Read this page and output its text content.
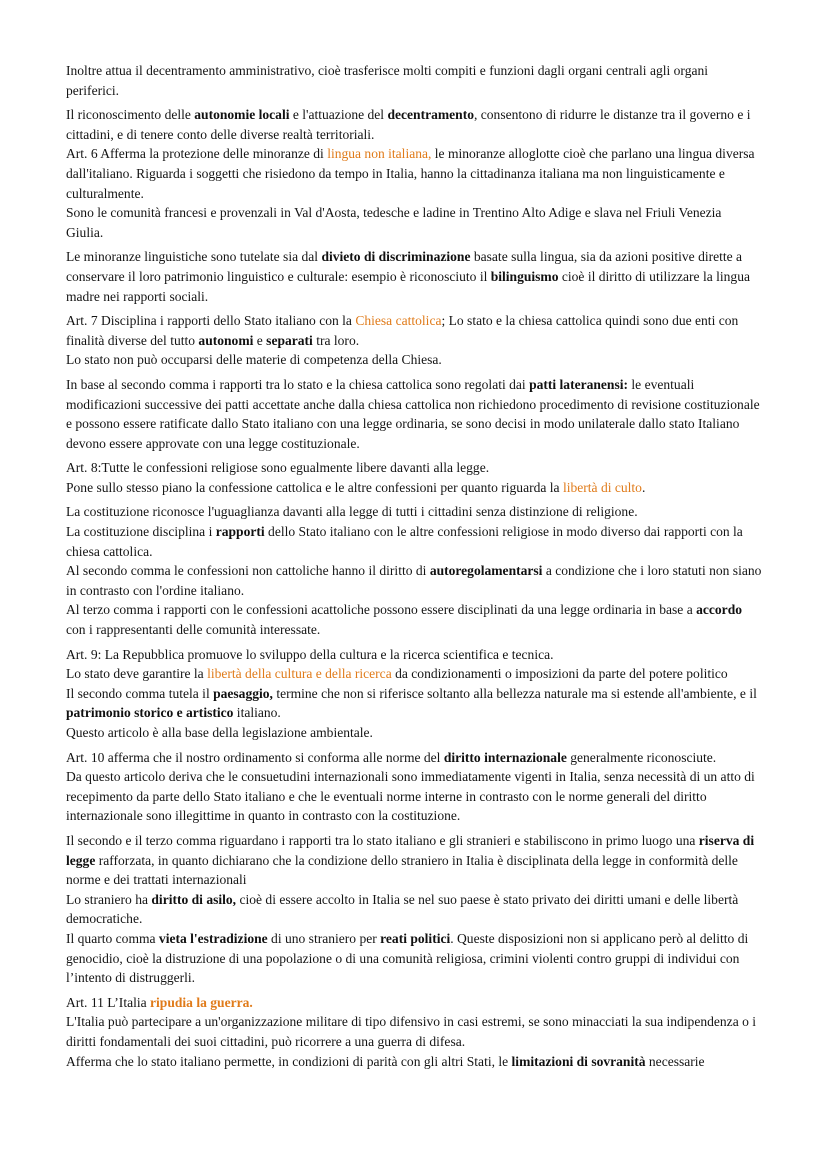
Inoltre attua il decentramento amministrativo, cioè trasferisce molti compiti e funzioni dagli organi centrali agli organi periferici.

Il riconoscimento delle autonomie locali e l'attuazione del decentramento, consentono di ridurre le distanze tra il governo e i cittadini, e di tenere conto delle diverse realtà territoriali.
Art. 6 Afferma la protezione delle minoranze di lingua non italiana, le minoranze alloglotte cioè che parlano una lingua diversa dall'italiano. Riguarda i soggetti che risiedono da tempo in Italia, hanno la cittadinanza italiana ma non linguisticamente e culturalmente.
Sono le comunità francesi e provenzali in Val d'Aosta, tedesche e ladine in Trentino Alto Adige e slava nel Friuli Venezia Giulia.

Le minoranze linguistiche sono tutelate sia dal divieto di discriminazione basate sulla lingua, sia da azioni positive dirette a conservare il loro patrimonio linguistico e culturale: esempio è riconosciuto il bilinguismo cioè il diritto di utilizzare la lingua madre nei rapporti sociali.

Art. 7 Disciplina i rapporti dello Stato italiano con la Chiesa cattolica; Lo stato e la chiesa cattolica quindi sono due enti con finalità diverse del tutto autonomi e separati tra loro.
Lo stato non può occuparsi delle materie di competenza della Chiesa.

In base al secondo comma i rapporti tra lo stato e la chiesa cattolica sono regolati dai patti lateranensi: le eventuali modificazioni successive dei patti accettate anche dalla chiesa cattolica non richiedono procedimento di revisione costituzionale e possono essere ratificate dallo Stato italiano con una legge ordinaria, se sono decisi in modo unilaterale dallo stato Italiano devono essere approvate con una legge costituzionale.

Art. 8:Tutte le confessioni religiose sono egualmente libere davanti alla legge.
Pone sullo stesso piano la confessione cattolica e le altre confessioni per quanto riguarda la libertà di culto.

La costituzione riconosce l'uguaglianza davanti alla legge di tutti i cittadini senza distinzione di religione.
La costituzione disciplina i rapporti dello Stato italiano con le altre confessioni religiose in modo diverso dai rapporti con la chiesa cattolica.
Al secondo comma le confessioni non cattoliche hanno il diritto di autoregolamentarsi a condizione che i loro statuti non siano in contrasto con l'ordine italiano.
Al terzo comma i rapporti con le confessioni acattoliche possono essere disciplinati da una legge ordinaria in base a accordo con i rappresentanti delle comunità interessate.

Art. 9: La Repubblica promuove lo sviluppo della cultura e la ricerca scientifica e tecnica.
Lo stato deve garantire la libertà della cultura e della ricerca da condizionamenti o imposizioni da parte del potere politico
Il secondo comma tutela il paesaggio, termine che non si riferisce soltanto alla bellezza naturale ma si estende all'ambiente, e il patrimonio storico e artistico italiano.
Questo articolo è alla base della legislazione ambientale.

Art. 10 afferma che il nostro ordinamento si conforma alle norme del diritto internazionale generalmente riconosciute.
Da questo articolo deriva che le consuetudini internazionali sono immediatamente vigenti in Italia, senza necessità di un atto di recepimento da parte dello Stato italiano e che le eventuali norme interne in contrasto con le norme generali del diritto internazionale sono illegittime in quanto in contrasto con la costituzione.

Il secondo e il terzo comma riguardano i rapporti tra lo stato italiano e gli stranieri e stabiliscono in primo luogo una riserva di legge rafforzata, in quanto dichiarano che la condizione dello straniero in Italia è disciplinata della legge in conformità delle norme e dei trattati internazionali
Lo straniero ha diritto di asilo, cioè di essere accolto in Italia se nel suo paese è stato privato dei diritti umani e delle libertà democratiche.
Il quarto comma vieta l'estradizione di uno straniero per reati politici. Queste disposizioni non si applicano però al delitto di genocidio, cioè la distruzione di una popolazione o di una comunità religiosa, crimini violenti contro gruppi di individui con l’intento di distruggerli.

Art. 11 L’Italia ripudia la guerra.
L'Italia può partecipare a un'organizzazione militare di tipo difensivo in casi estremi, se sono minacciati la sua indipendenza o i diritti fondamentali dei suoi cittadini, può ricorrere a una guerra di difesa.
Afferma che lo stato italiano permette, in condizioni di parità con gli altri Stati, le limitazioni di sovranità necessarie
